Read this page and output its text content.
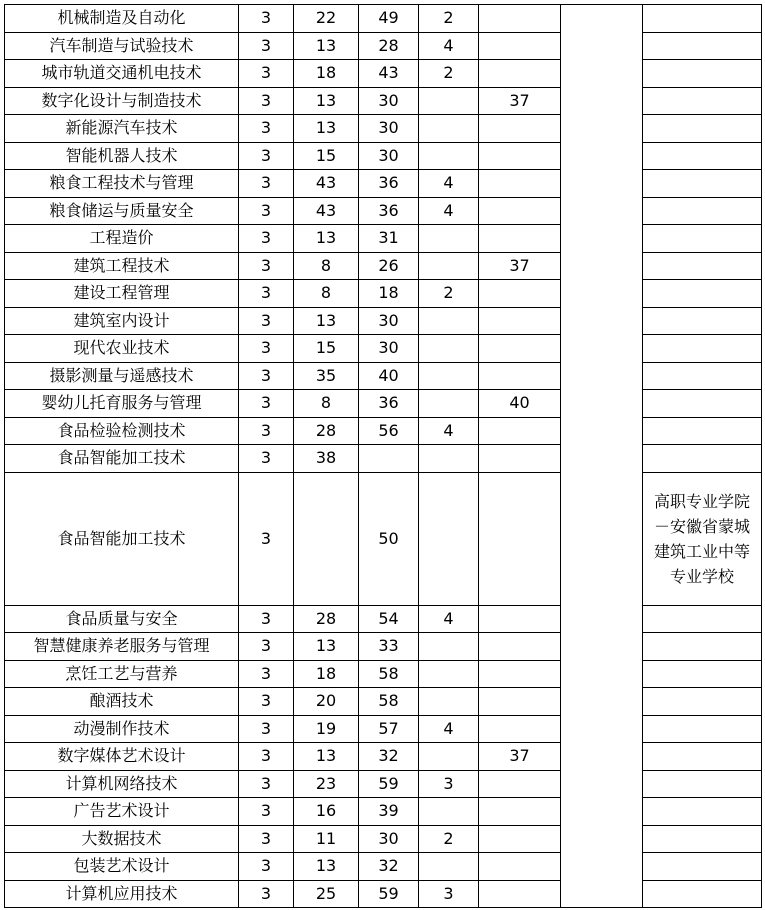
机械制造及自动化	3	22	49	2			
汽车制造与试验技术	3	13	28	4			
城市轨道交通机电技术	3	18	43	2			
数字化设计与制造技术	3	13	30		37		
新能源汽车技术	3	13	30				
智能机器人技术	3	15	30				
粮食工程技术与管理	3	43	36	4			
粮食储运与质量安全	3	43	36	4			
工程造价	3	13	31				
建筑工程技术	3	8	26		37		
建设工程管理	3	8	18	2			
建筑室内设计	3	13	30				
现代农业技术	3	15	30				
摄影测量与遥感技术	3	35	40				
婴幼儿托育服务与管理	3	8	36		40		
食品检验检测技术	3	28	56	4			
食品智能加工技术	3	38					
食品智能加工技术	3		50				高职专业学院－安徽省蒙城建筑工业中等专业学校
食品质量与安全	3	28	54	4			
智慧健康养老服务与管理	3	13	33				
烹饪工艺与营养	3	18	58				
酿酒技术	3	20	58				
动漫制作技术	3	19	57	4			
数字媒体艺术设计	3	13	32		37		
计算机网络技术	3	23	59	3			
广告艺术设计	3	16	39				
大数据技术	3	11	30	2			
包装艺术设计	3	13	32				
计算机应用技术	3	25	59	3			
